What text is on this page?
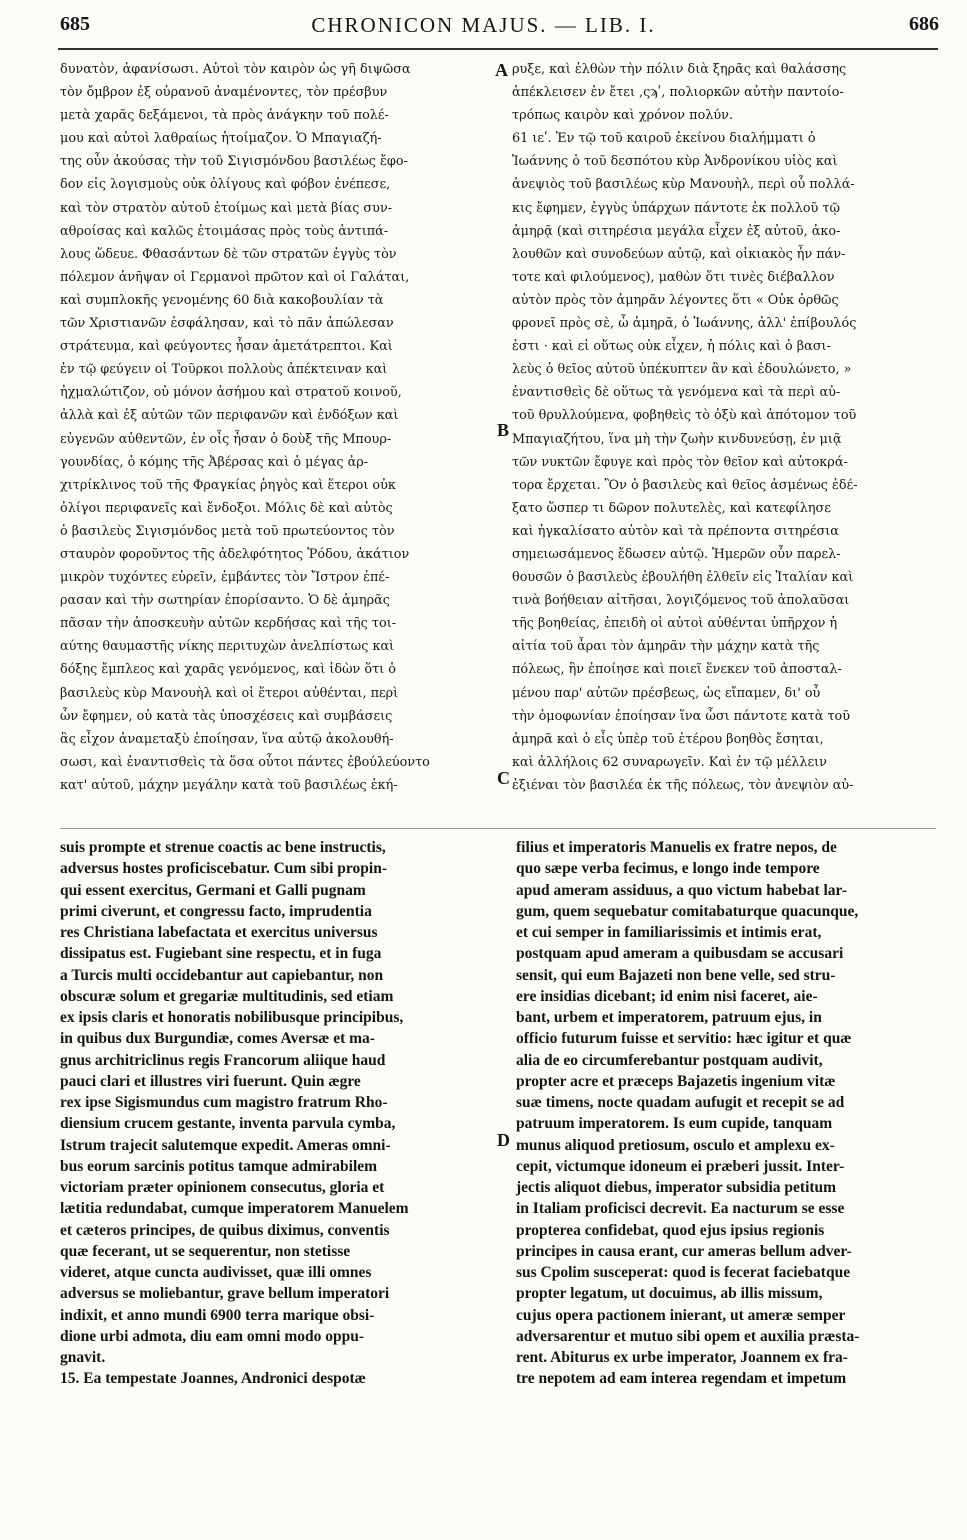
685	CHRONICON MAJUS. — LIB. I.	686
δυνατὸν, ἀφανίσωσι. Αὐτοὶ τὸν καιρὸν ὡς γῆ διψῶσα
τὸν ὄμβρον ἐξ οὐρανοῦ ἀναμένοντες, τὸν πρέσβυν
μετὰ χαρᾶς δεξάμενοι, τὰ πρὸς ἀνάγκην τοῦ πολέ-
μου καὶ αὐτοὶ λαθραίως ἡτοίμαζον. Ὁ Μπαγιαζή-
της οὖν ἀκούσας τὴν τοῦ Σιγισμόνδου βασιλέως ἔφο-
δον εἰς λογισμοὺς οὐκ ὀλίγους καὶ φόβον ἐνέπεσε,
καὶ τὸν στρατὸν αὐτοῦ ἑτοίμως καὶ μετὰ βίας συν-
αθροίσας καὶ καλῶς ἑτοιμάσας πρὸς τοὺς ἀντιπά-
λους ὥδευε. Φθασάντων δὲ τῶν στρατῶν ἐγγὺς τὸν
πόλεμον ἀνῆψαν οἱ Γερμανοὶ πρῶτον καὶ οἱ Γαλάται,
καὶ συμπλοκῆς γενομένης 60 διὰ κακοβουλίαν τὰ
τῶν Χριστιανῶν ἐσφάλησαν, καὶ τὸ πᾶν ἀπώλεσαν
στράτευμα, καὶ φεύγοντες ἦσαν ἀμετάτρεπτοι. Καὶ
ἐν τῷ φεύγειν οἱ Τοῦρκοι πολλοὺς ἀπέκτειναν καὶ
ἠχμαλώτιζον, οὐ μόνον ἀσήμου καὶ στρατοῦ κοινοῦ,
ἀλλὰ καὶ ἐξ αὐτῶν τῶν περιφανῶν καὶ ἐνδόξων καὶ
εὐγενῶν αὐθεντῶν, ἐν οἷς ἦσαν ὁ δοὺξ τῆς Μπουρ-
γουνδίας, ὁ κόμης τῆς Ἀβέρσας καὶ ὁ μέγας ἀρ-
χιτρίκλινος τοῦ τῆς Φραγκίας ῥηγὸς καὶ ἕτεροι οὐκ
ὀλίγοι περιφανεῖς καὶ ἔνδοξοι. Μόλις δὲ καὶ αὐτὸς
ὁ βασιλεὺς Σιγισμόνδος μετὰ τοῦ πρωτεύοντος τὸν
σταυρὸν φοροῦντος τῆς ἀδελφότητος Ῥόδου, ἀκάτιον
μικρὸν τυχόντες εὑρεῖν, ἐμβάντες τὸν Ἴστρον ἐπέ-
ρασαν καὶ τὴν σωτηρίαν ἐπορίσαντο. Ὁ δὲ ἀμηρᾶς
πᾶσαν τὴν ἀποσκευὴν αὐτῶν κερδήσας καὶ τῆς τοι-
αύτης θαυμαστῆς νίκης περιτυχὼν ἀνελπίστως καὶ
δόξης ἔμπλεος καὶ χαρᾶς γενόμενος, καὶ ἰδὼν ὅτι ὁ
βασιλεὺς κὺρ Μανουὴλ καὶ οἱ ἕτεροι αὐθένται, περὶ
ὧν ἔφημεν, οὐ κατὰ τὰς ὑποσχέσεις καὶ συμβάσεις
ἃς εἶχον ἀναμεταξὺ ἐποίησαν, ἵνα αὐτῷ ἀκολουθή-
σωσι, καὶ ἐναντισθεὶς τὰ ὅσα οὗτοι πάντες ἐβούλεύοντο
κατ' αὐτοῦ, μάχην μεγάλην κατὰ τοῦ βασιλέως ἐκή-
ρυξε, καὶ ἐλθὼν τὴν πόλιν διὰ ξηρᾶς καὶ θαλάσσης
ἀπέκλεισεν ἐν ἔτει ,ςϡʹ, πολιορκῶν αὐτὴν παντοίο-
τρόπως καιρὸν καὶ χρόνον πολύν.
61 ιεʹ. Ἐν τῷ τοῦ καιροῦ ἐκείνου διαλήμματι ὁ
Ἰωάννης ὁ τοῦ δεσπότου κὺρ Ἀνδρονίκου υἱὸς καὶ
ἀνεψιὸς τοῦ βασιλέως κὺρ Μανουὴλ, περὶ οὗ πολλά-
κις ἔφημεν, ἐγγὺς ὑπάρχων πάντοτε ἐκ πολλοῦ τῷ
ἀμηρᾷ (καὶ σιτηρέσια μεγάλα εἶχεν ἐξ αὐτοῦ, ἀκο-
λουθῶν καὶ συνοδεύων αὐτῷ, καὶ οἰκιακὸς ἦν πάν-
τοτε καὶ φιλούμενος), μαθὼν ὅτι τινὲς διέβαλλον
αὐτὸν πρὸς τὸν ἀμηρᾶν λέγοντες ὅτι « Οὐκ ὀρθῶς
φρονεῖ πρὸς σὲ, ὦ ἀμηρᾶ, ὁ Ἰωάννης, ἀλλ' ἐπίβουλός
ἐστι · καὶ εἰ οὕτως οὐκ εἶχεν, ἡ πόλις καὶ ὁ βασι-
λεὺς ὁ θεῖος αὐτοῦ ὑπέκυπτεν ἂν καὶ ἐδουλώνετο, »
ἐναντισθεὶς δὲ οὕτως τὰ γενόμενα καὶ τὰ περὶ αὐ-
τοῦ θρυλλούμενα, φοβηθεὶς τὸ ὀξὺ καὶ ἀπότομον τοῦ
Μπαγιαζήτου, ἵνα μὴ τὴν ζωὴν κινδυνεύσῃ, ἐν μιᾷ
τῶν νυκτῶν ἔφυγε καὶ πρὸς τὸν θεῖον καὶ αὐτοκρά-
τορα ἔρχεται. Ὃν ὁ βασιλεὺς καὶ θεῖος ἀσμένως ἐδέ-
ξατο ὥσπερ τι δῶρον πολυτελὲς, καὶ κατεφίλησε
καὶ ἠγκαλίσατο αὐτὸν καὶ τὰ πρέποντα σιτηρέσια
σημειωσάμενος ἔδωσεν αὐτῷ. Ἡμερῶν οὖν παρελ-
θουσῶν ὁ βασιλεὺς ἐβουλήθη ἐλθεῖν εἰς Ἰταλίαν καὶ
τινὰ βοήθειαν αἰτῆσαι, λογιζόμενος τοῦ ἀπολαῦσαι
τῆς βοηθείας, ἐπειδὴ οἱ αὐτοὶ αὐθένται ὑπῆρχον ἡ
αἰτία τοῦ ἆραι τὸν ἀμηρᾶν τὴν μάχην κατὰ τῆς
πόλεως, ἣν ἐποίησε καὶ ποιεῖ ἕνεκεν τοῦ ἀποσταλ-
μένου παρ' αὐτῶν πρέσβεως, ὡς εἴπαμεν, δι' οὗ
τὴν ὁμοφωνίαν ἐποίησαν ἵνα ὦσι πάντοτε κατὰ τοῦ
ἀμηρᾶ καὶ ὁ εἷς ὑπὲρ τοῦ ἑτέρου βοηθὸς ἔσηται,
καὶ ἀλλήλοις 62 συναρωγεῖν. Καὶ ἐν τῷ μέλλειν
ἐξιέναι τὸν βασιλέα ἐκ τῆς πόλεως, τὸν ἀνεψιὸν αὐ-
A
B
C
D
suis prompte et strenue coactis ac bene instructis,
adversus hostes proficiscebatur. Cum sibi propin-
qui essent exercitus, Germani et Galli pugnam
primi civerunt, et congressu facto, imprudentia
res Christiana labefactata et exercitus universus
dissipatus est. Fugiebant sine respectu, et in fuga
a Turcis multi occidebantur aut capiebantur, non
obscuræ solum et gregariæ multitudinis, sed etiam
ex ipsis claris et honoratis nobilibusque principibus,
in quibus dux Burgundiæ, comes Aversæ et ma-
gnus architriclinus regis Francorum aliique haud
pauci clari et illustres viri fuerunt. Quin ægre
rex ipse Sigismundus cum magistro fratrum Rho-
diensium crucem gestante, inventa parvula cymba,
Istrum trajecit salutemque expedit. Ameras omni-
bus eorum sarcinis potitus tamque admirabilem
victoriam præter opinionem consecutus, gloria et
lætitia redundabat, cumque imperatorem Manuelem
et cæteros principes, de quibus diximus, conventis
quæ fecerant, ut se sequerentur, non stetisse
videret, atque cuncta audivisset, quæ illi omnes
adversus se moliebantur, grave bellum imperatori
indixit, et anno mundi 6900 terra marique obsi-
dione urbi admota, diu eam omni modo oppu-
gnavit.
15. Ea tempestate Joannes, Andronici despotæ
filius et imperatoris Manuelis ex fratre nepos, de
quo sæpe verba fecimus, e longo inde tempore
apud ameram assiduus, a quo victum habebat lar-
gum, quem sequebatur comitabaturque quacunque,
et cui semper in familiarissimis et intimis erat,
postquam apud ameram a quibusdam se accusari
sensit, qui eum Bajazeti non bene velle, sed stru-
ere insidias dicebant; id enim nisi faceret, aie-
bant, urbem et imperatorem, patruum ejus, in
officio futurum fuisse et servitio: hæc igitur et quæ
alia de eo circumferebantur postquam audivit,
propter acre et præceps Bajazetis ingenium vitæ
suæ timens, nocte quadam aufugit et recepit se ad
patruum imperatorem. Is eum cupide, tanquam
munus aliquod pretiosum, osculo et amplexu ex-
cepit, victumque idoneum ei præberi jussit. Inter-
jectis aliquot diebus, imperator subsidia petitum
in Italiam proficisci decrevit. Ea nacturum se esse
propterea confidebat, quod ejus ipsius regionis
principes in causa erant, cur ameras bellum adver-
sus Cpolim susceperat: quod is fecerat faciebatque
propter legatum, ut docuimus, ab illis missum,
cujus opera pactionem inierant, ut ameræ semper
adversarentur et mutuo sibi opem et auxilia præsta-
rent. Abiturus ex urbe imperator, Joannem ex fra-
tre nepotem ad eam interea regendam et impetum
